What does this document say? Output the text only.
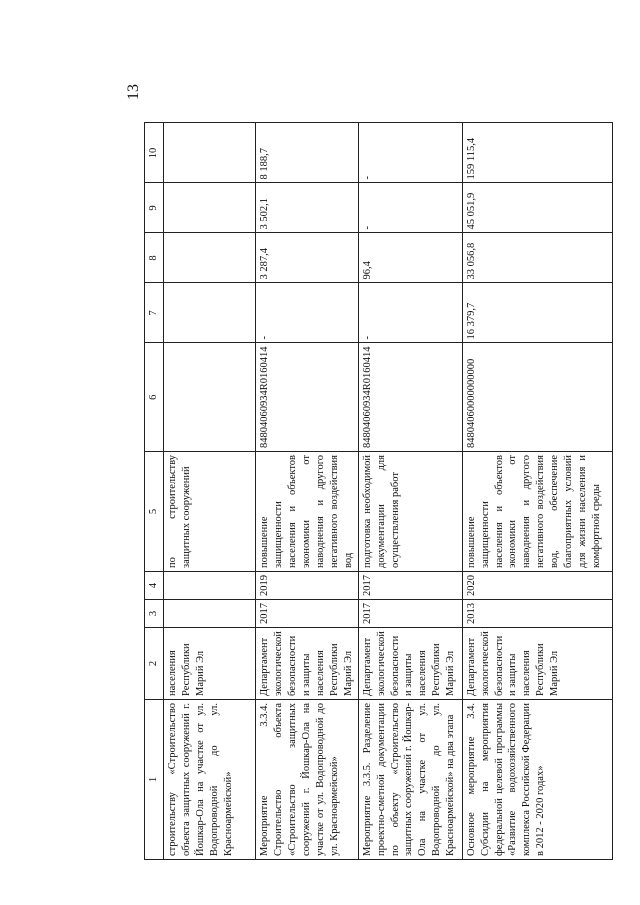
13
1	2	3	4	5	6	7	8	9	10
строительству «Строительство объекта защитных сооружений г. Йошкар-Ола на участке от ул. Водопроводной до ул. Красноармейской»	населения Республики Марий Эл			по строительству защитных сооружений					
Мероприятие 3.3.4. Строительство объекта «Строительство защитных сооружений г. Йошкар-Ола на участке от ул. Водопроводной до ул. Красноармейской»	Департамент экологической безопасности и защиты населения Республики Марий Эл	2017	2019	повышение защищенности населения и объектов экономики от наводнения и другого негативного воздействия вод	84804060934R0160414	-	3 287,4	3 502,1	8 188,7
Мероприятие 3.3.5. Разделение проектно-сметной документации по объекту «Строительство защитных сооружений г. Йошкар-Ола на участке от ул. Водопроводной до ул. Красноармейской» на два этапа	Департамент экологической безопасности и защиты населения Республики Марий Эл	2017	2017	подготовка необходимой документации для осуществления работ	84804060934R0160414	-	96,4	-	-
Основное мероприятие 3.4. Субсидии на мероприятия федеральной целевой программы «Развитие водохозяйственного комплекса Российской Федерации в 2012 - 2020 годах»	Департамент экологической безопасности и защиты населения Республики Марий Эл	2013	2020	повышение защищенности населения и объектов экономики от наводнения и другого негативного воздействия вод, обеспечение благоприятных условий для жизни населения и комфортной среды	84804060000000000	16 379,7	33 056,8	45 051,9	159 115,4
